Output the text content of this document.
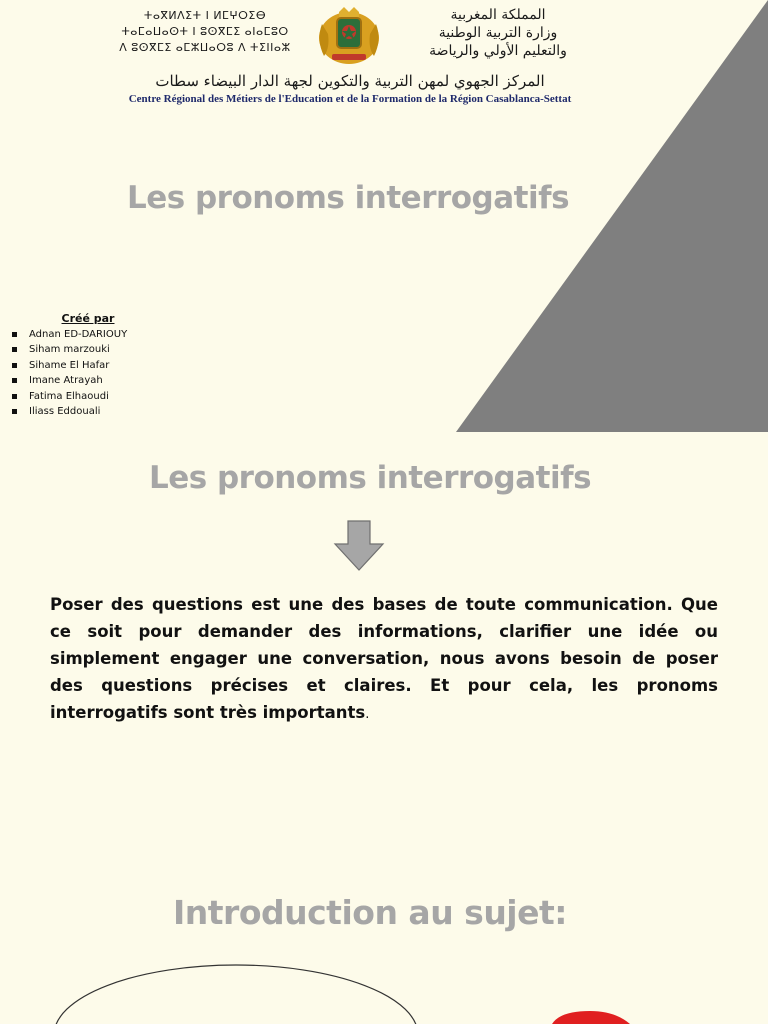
ⵜⴰⴳⵍⴷⵉⵜ ⵏ ⵍⵎⵖⵔⵉⴱ
ⵜⴰⵎⴰⵡⴰⵙⵜ ⵏ ⵓⵙⴳⵎⵉ ⴰⵏⴰⵎⵓⵔ
ⴷ ⵓⵙⴳⵎⵉ ⴰⵎⵣⵡⴰⵔⵓ ⴷ ⵜⵉⵏⵏⴰⵣ
المملكة المغربية
وزارة التربية الوطنية
والتعليم الأولي والرياضة
المركز الجهوي لمهن التربية والتكوين لجهة الدار البيضاء سطات
Centre Régional des Métiers de l'Education et de la Formation de la Région Casablanca-Settat
Les pronoms interrogatifs
Créé par
Adnan ED-DARIOUY
Siham marzouki
Sihame El Hafar
Imane Atrayah
Fatima Elhaoudi
Iliass Eddouali
Les pronoms interrogatifs

Poser des questions est une des bases de toute communication. Que ce soit pour demander des informations, clarifier une idée ou simplement engager une conversation, nous avons besoin de poser des questions précises et claires. Et pour cela, les pronoms interrogatifs sont très importants.

Introduction au sujet:
